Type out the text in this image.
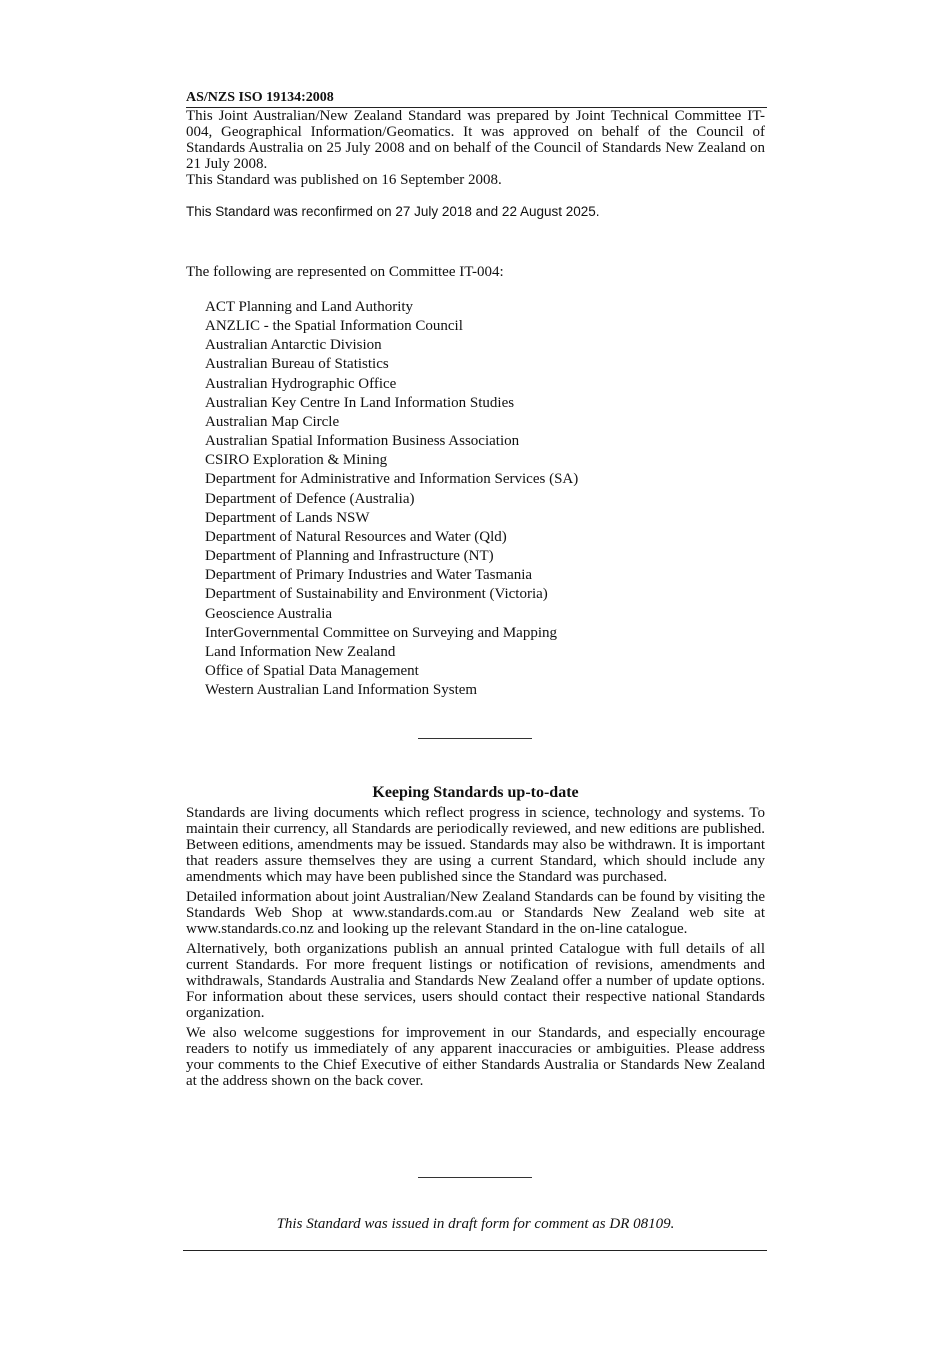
AS/NZS ISO 19134:2008

This Joint Australian/New Zealand Standard was prepared by Joint Technical Committee IT-004, Geographical Information/Geomatics. It was approved on behalf of the Council of Standards Australia on 25 July 2008 and on behalf of the Council of Standards New Zealand on 21 July 2008.

This Standard was published on 16 September 2008.

This Standard was reconfirmed on 27 July 2018 and 22 August 2025.
The following are represented on Committee IT-004:
ACT Planning and Land Authority
ANZLIC - the Spatial Information Council
Australian Antarctic Division
Australian Bureau of Statistics
Australian Hydrographic Office
Australian Key Centre In Land Information Studies
Australian Map Circle
Australian Spatial Information Business Association
CSIRO Exploration & Mining
Department for Administrative and Information Services (SA)
Department of Defence (Australia)
Department of Lands NSW
Department of Natural Resources and Water (Qld)
Department of Planning and Infrastructure (NT)
Department of Primary Industries and Water Tasmania
Department of Sustainability and Environment (Victoria)
Geoscience Australia
InterGovernmental Committee on Surveying and Mapping
Land Information New Zealand
Office of Spatial Data Management
Western Australian Land Information System
Keeping Standards up-to-date

Standards are living documents which reflect progress in science, technology and systems. To maintain their currency, all Standards are periodically reviewed, and new editions are published. Between editions, amendments may be issued. Standards may also be withdrawn. It is important that readers assure themselves they are using a current Standard, which should include any amendments which may have been published since the Standard was purchased.

Detailed information about joint Australian/New Zealand Standards can be found by visiting the Standards Web Shop at www.standards.com.au or Standards New Zealand web site at www.standards.co.nz and looking up the relevant Standard in the on-line catalogue.

Alternatively, both organizations publish an annual printed Catalogue with full details of all current Standards. For more frequent listings or notification of revisions, amendments and withdrawals, Standards Australia and Standards New Zealand offer a number of update options. For information about these services, users should contact their respective national Standards organization.

We also welcome suggestions for improvement in our Standards, and especially encourage readers to notify us immediately of any apparent inaccuracies or ambiguities. Please address your comments to the Chief Executive of either Standards Australia or Standards New Zealand at the address shown on the back cover.

This Standard was issued in draft form for comment as DR 08109.
